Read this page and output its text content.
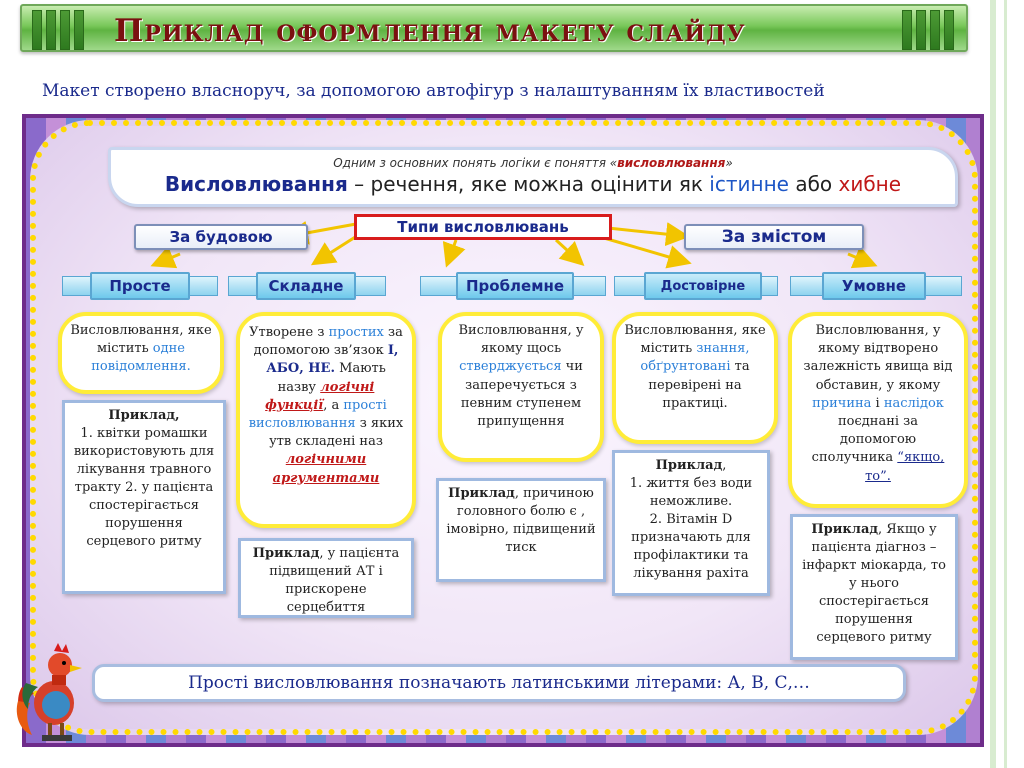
Приклад оформлення макету слайду
Макет створено власноруч, за допомогою автофігур з налаштуванням їх властивостей
Одним з основних понять логіки є поняття «висловлювання»
Висловлювання – речення, яке можна оцінити як істинне або хибне
За будовою
Типи висловлювань	За змістом
Просте	Складне	Проблемне	Достовірне	Умовне
Висловлювання, яке містить одне повідомлення.
Приклад,
1. квітки ромашки використовують для лікування травного тракту 2. у пацієнта спостерігається порушення серцевого ритму
Утворене з простих за допомогою зв’язок І, АБО, НЕ. Мають назву логічні функції, а прості висловлювання з яких утв складені наз логічними аргументами
Приклад, у пацієнта підвищений АТ і прискорене серцебиття
Висловлювання, у якому щось стверджується чи заперечується з певним ступенем припущення
Приклад, причиною головного болю є , імовірно, підвищений тиск
Висловлювання, яке містить знання, обґрунтовані та перевірені на практиці.
Приклад,
1. життя без води неможливе.
2. Вітамін D призначають для профілактики та лікування рахіта
Висловлювання, у якому відтворено залежність явища від обставин, у якому причина і наслідок поєднані за допомогою сполучника “якщо, то”.
Приклад, Якщо у пацієнта діагноз – інфаркт міокарда, то у нього спостерігається порушення серцевого ритму
Прості висловлювання позначають латинськими літерами: А, В, С,…
